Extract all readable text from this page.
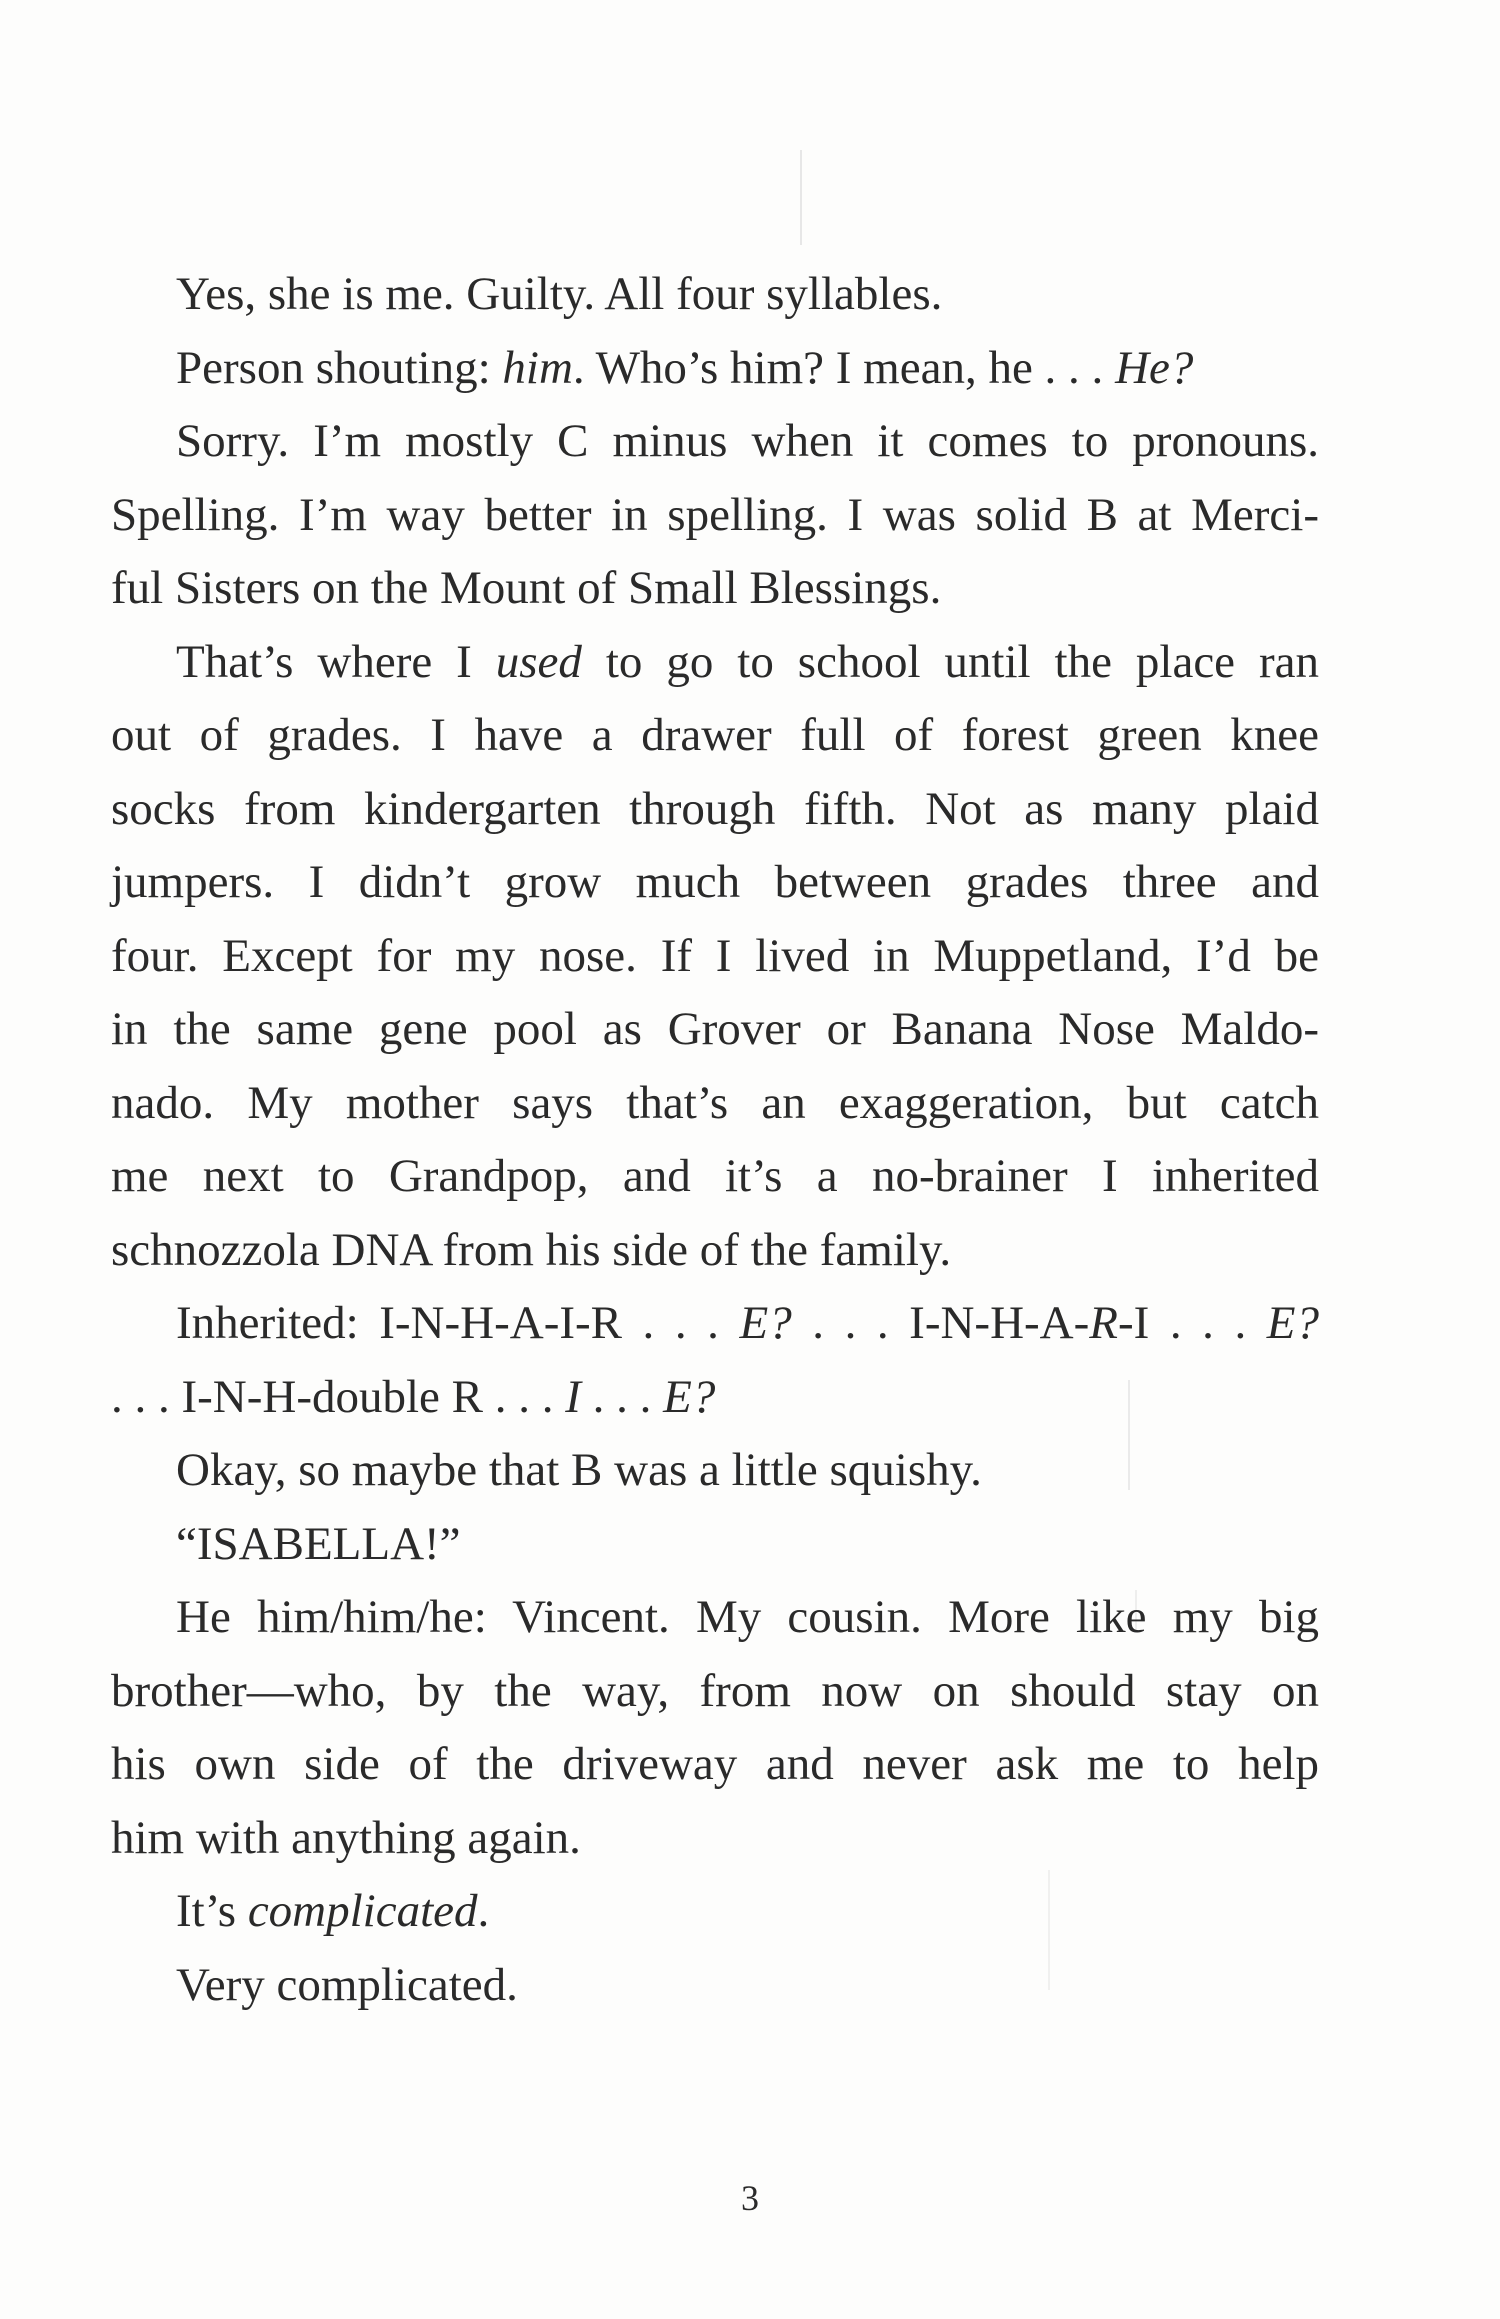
Yes, she is me. Guilty. All four syllables.
Person shouting: him. Who’s him? I mean, he . . . He?
Sorry. I’m mostly C minus when it comes to pronouns.
Spelling. I’m way better in spelling. I was solid B at Merci-
ful Sisters on the Mount of Small Blessings.
That’s where I used to go to school until the place ran
out of grades. I have a drawer full of forest green knee
socks from kindergarten through fifth. Not as many plaid
jumpers. I didn’t grow much between grades three and
four. Except for my nose. If I lived in Muppetland, I’d be
in the same gene pool as Grover or Banana Nose Maldo-
nado. My mother says that’s an exaggeration, but catch
me next to Grandpop, and it’s a no-brainer I inherited
schnozzola DNA from his side of the family.
Inherited: I-N-H-A-I-R . . . E? . . . I-N-H-A-R-I . . . E?
. . . I-N-H-double R . . . I . . . E?
Okay, so maybe that B was a little squishy.
“ISABELLA!”
He him/him/he: Vincent. My cousin. More like my big
brother—who, by the way, from now on should stay on
his own side of the driveway and never ask me to help
him with anything again.
It’s complicated.
Very complicated.
3
